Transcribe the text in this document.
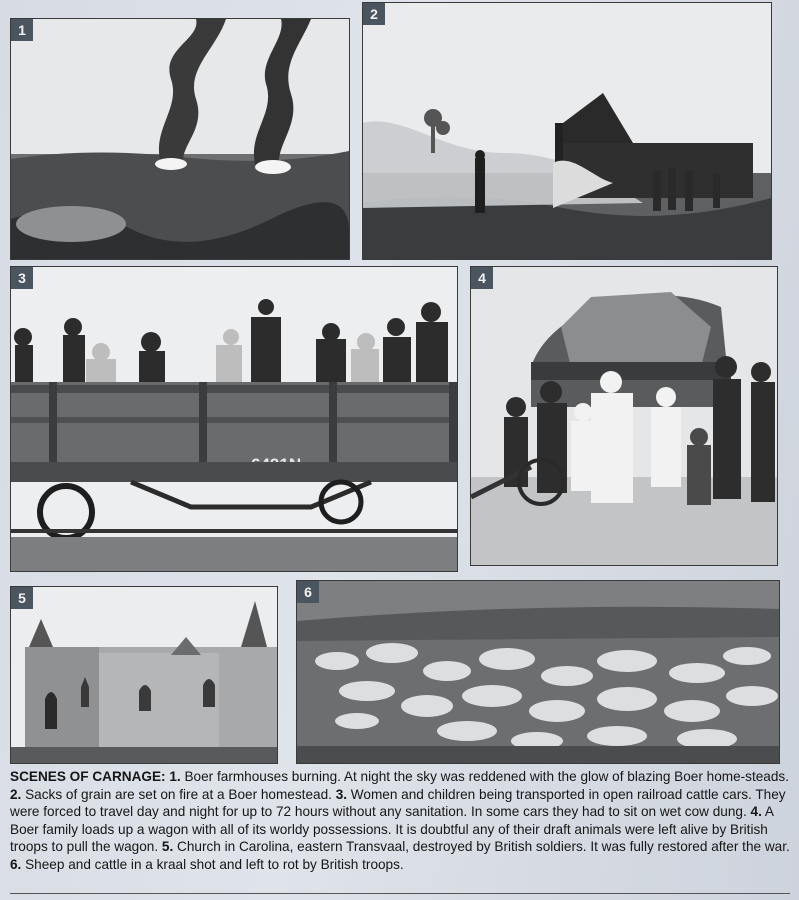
1
2
3	4
5	6
SCENES OF CARNAGE: 1. Boer farmhouses burning. At night the sky was reddened with the glow of blazing Boer home-steads. 2. Sacks of grain are set on fire at a Boer homestead. 3. Women and children being transported in open railroad cattle cars. They were forced to travel day and night for up to 72 hours without any sanitation. In some cars they had to sit on wet cow dung. 4. A Boer family loads up a wagon with all of its worldy possessions. It is doubtful any of their draft animals were left alive by British troops to pull the wagon. 5. Church in Carolina, eastern Transvaal, destroyed by British soldiers. It was fully restored after the war. 6. Sheep and cattle in a kraal shot and left to rot by British troops.
